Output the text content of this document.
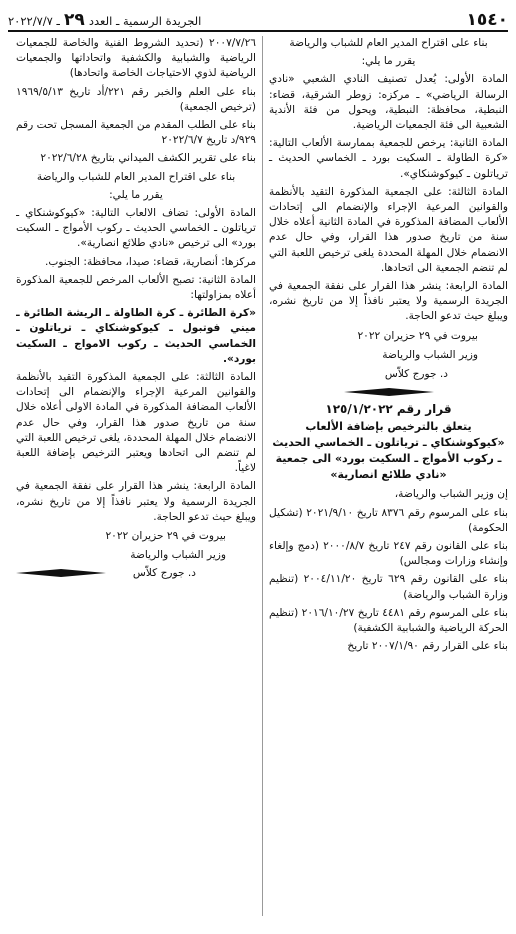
١٥٤٠
الجريدة الرسمية ـ العدد ٢٩ ـ ٢٠٢٢/٧/٧

بناء على اقتراح المدير العام للشباب والرياضة

يقرر ما يلي:

المادة الأولى: يُعدل تصنيف النادي الشعبي «نادي الرسالة الرياضي» ـ مركزه: زوطر الشرقية، قضاء: النبطية، محافظة: النبطية، ويحول من فئة الأندية الشعبية الى فئة الجمعيات الرياضية.

المادة الثانية: يرخص للجمعية بممارسة الألعاب التالية: «كرة الطاولة ـ السكيت بورد ـ الخماسي الحديث ـ ترياتلون ـ كيوكوشنكاي».

المادة الثالثة: على الجمعية المذكورة التقيد بالأنظمة والقوانين المرعية الإجراء والإنضمام الى إتحادات الألعاب المضافة المذكورة في المادة الثانية أعلاه خلال سنة من تاريخ صدور هذا القرار، وفي حال عدم الانضمام خلال المهلة المحددة يلغى ترخيص اللعبة التي لم تنضم الجمعية الى اتحادها.

المادة الرابعة: ينشر هذا القرار على نفقة الجمعية في الجريدة الرسمية ولا يعتبر نافذاً إلا من تاريخ نشره، ويبلغ حيث تدعو الحاجة.

بيروت في ٢٩ حزيران ٢٠٢٢

وزير الشباب والرياضة

د. جورج كلاّس

قرار رقم ١٢٥/١/٢٠٢٢
يتعلق بالترخيص بإضافة الألعاب «كيوكوشنكاي ـ ترياتلون ـ الخماسي الحديث ـ ركوب الأمواج ـ السكيت بورد» الى جمعية «نادي طلائع انصارية»

إن وزير الشباب والرياضة،

بناء على المرسوم رقم ٨٣٧٦ تاريخ ٢٠٢١/٩/١٠ (تشكيل الحكومة)

بناء على القانون رقم ٢٤٧ تاريخ ٢٠٠٠/٨/٧ (دمج وإلغاء وإنشاء وزارات ومجالس)

بناء على القانون رقم ٦٢٩ تاريخ ٢٠٠٤/١١/٢٠ (تنظيم وزارة الشباب والرياضة)

بناء على المرسوم رقم ٤٤٨١ تاريخ ٢٠١٦/١٠/٢٧ (تنظيم الحركة الرياضية والشبابية الكشفية)

بناء على القرار رقم ٢٠٠٧/١/٩٠ تاريخ

٢٠٠٧/٧/٢٦ (تحديد الشروط الفنية والخاصة للجمعيات الرياضية والشبابية والكشفية واتحاداتها والجمعيات الرياضية لذوي الاحتياجات الخاصة واتحادها)

بناء على العلم والخبر رقم ٢٢١/أد تاريخ ١٩٦٩/٥/١٣ (ترخيص الجمعية)

بناء على الطلب المقدم من الجمعية المسجل تحت رقم ٩٢٩/د تاريخ ٢٠٢٢/٦/٧

بناء على تقرير الكشف الميداني بتاريخ ٢٠٢٢/٦/٢٨

بناء على اقتراح المدير العام للشباب والرياضة

يقرر ما يلي:

المادة الأولى: تضاف الالعاب التالية: «كيوكوشنكاي ـ ترياتلون ـ الخماسي الحديث ـ ركوب الأمواج ـ السكيت بورد» الى ترخيص «نادي طلائع انصارية».

مركزها: أنصارية، قضاء: صيدا، محافظة: الجنوب.

المادة الثانية: تصبح الألعاب المرخص للجمعية المذكورة أعلاه بمزاولتها:

«كرة الطائرة ـ كرة الطاولة ـ الريشة الطائرة ـ ميني فوتبول ـ كيوكوشنكاي ـ ترياتلون ـ الخماسي الحديث ـ ركوب الامواج ـ السكيت بورد».

المادة الثالثة: على الجمعية المذكورة التقيد بالأنظمة والقوانين المرعية الإجراء والإنضمام الى إتحادات الألعاب المضافة المذكورة في المادة الاولى أعلاه خلال سنة من تاريخ صدور هذا القرار، وفي حال عدم الانضمام خلال المهلة المحددة، يلغى ترخيص اللعبة التي لم تنضم الى اتحادها ويعتبر الترخيص بإضافة اللعبة لاغياً.

المادة الرابعة: ينشر هذا القرار على نفقة الجمعية في الجريدة الرسمية ولا يعتبر نافذاً إلا من تاريخ نشره، ويبلغ حيث تدعو الحاجة.

بيروت في ٢٩ حزيران ٢٠٢٢

وزير الشباب والرياضة

د. جورج كلاّس
